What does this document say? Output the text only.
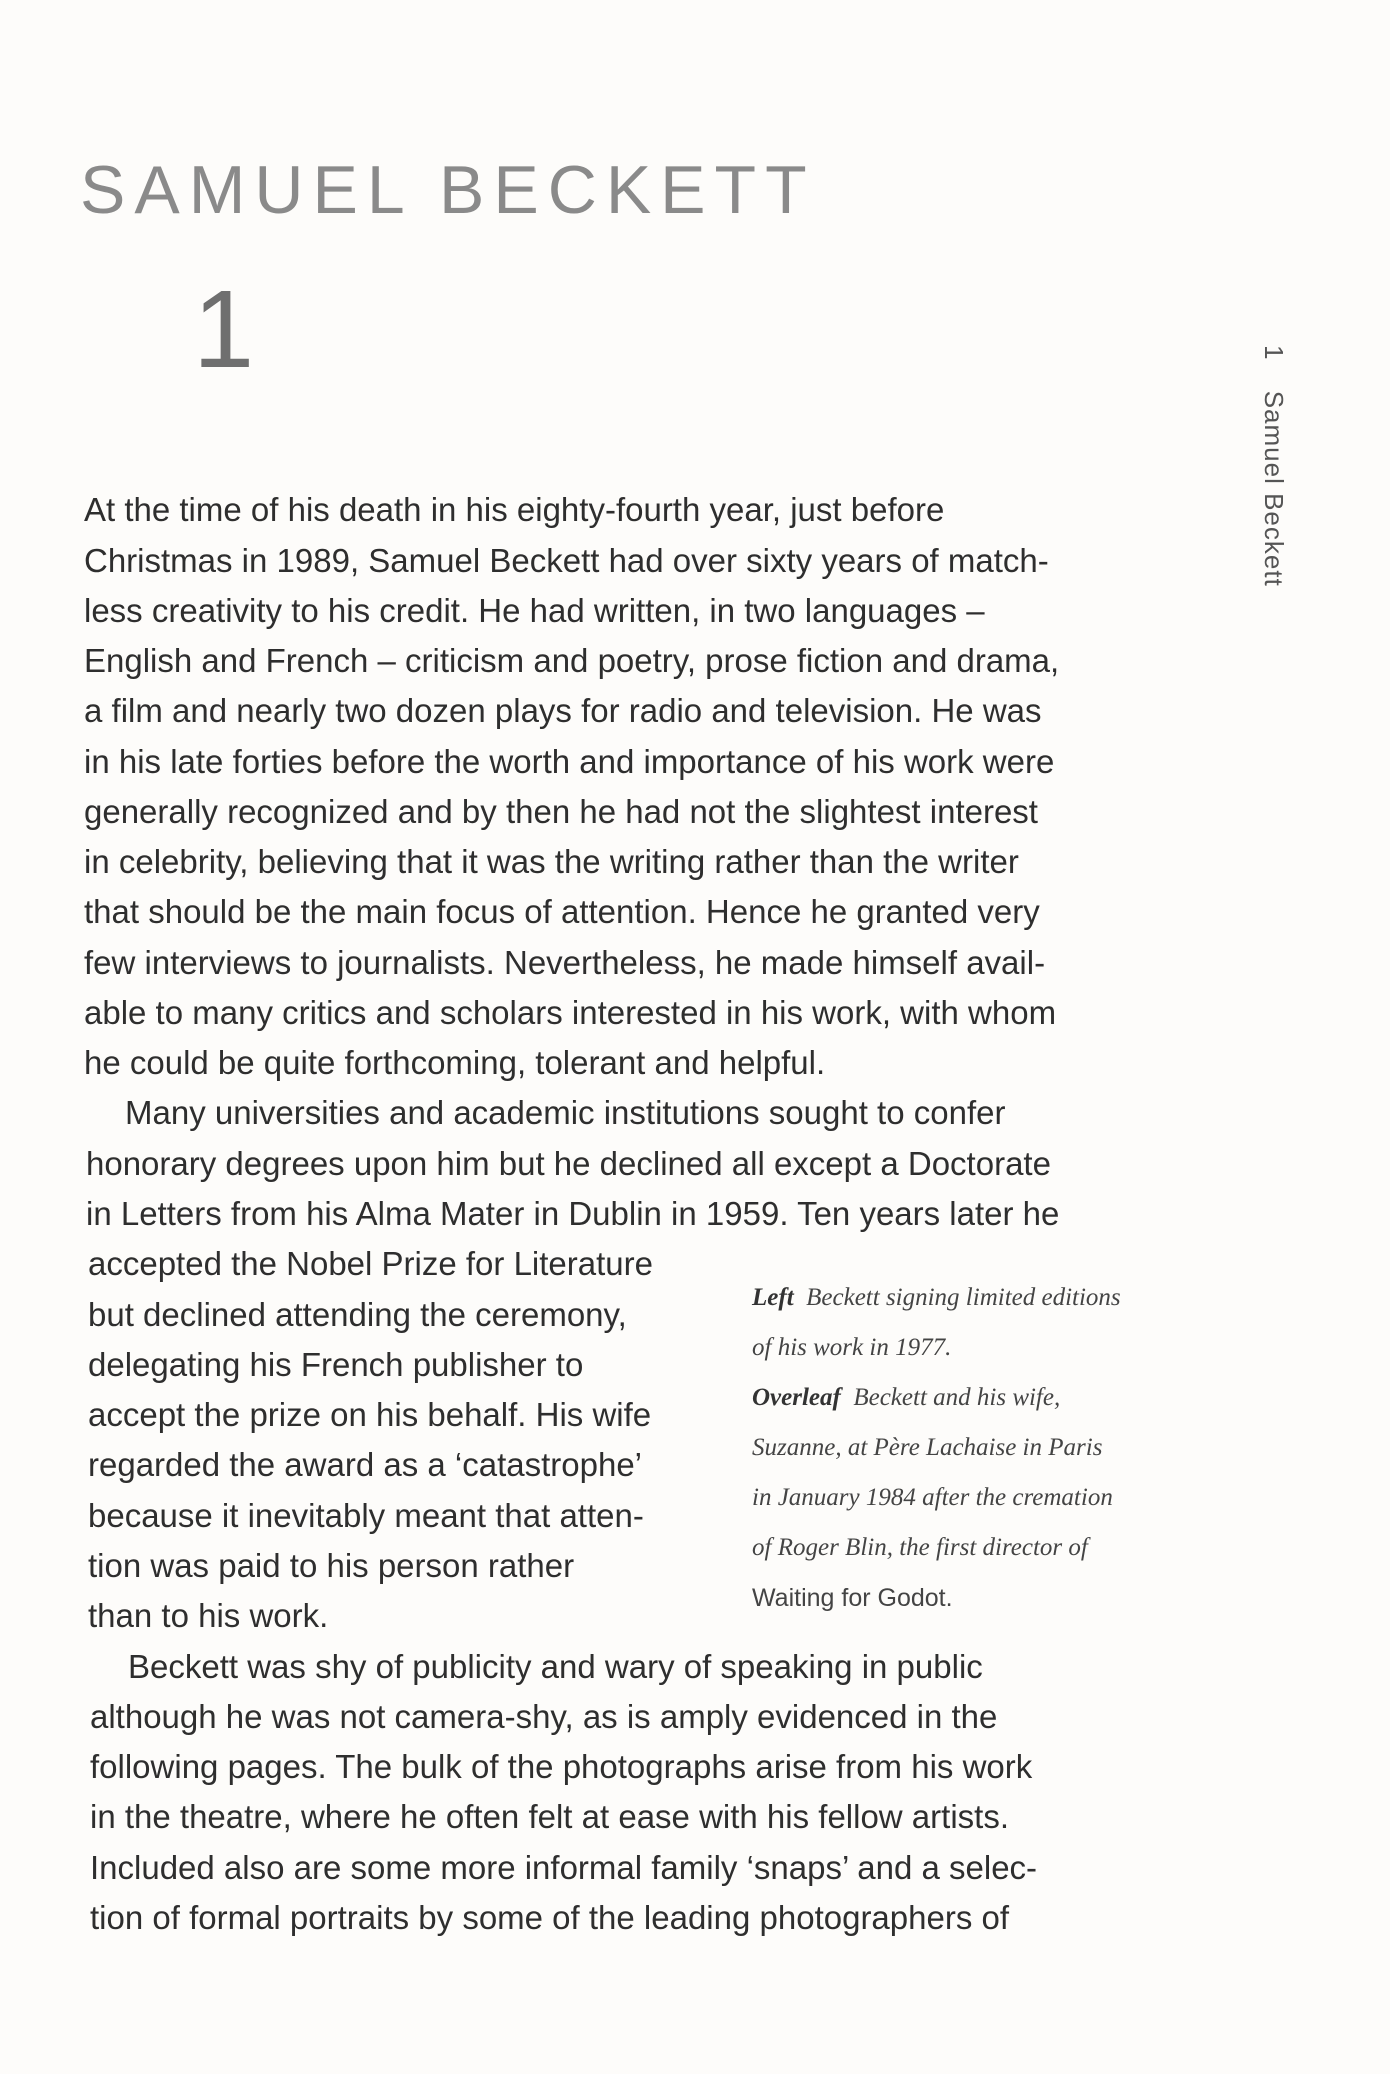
SAMUEL BECKETT
1	1 Samuel Beckett
At the time of his death in his eighty-fourth year, just before
Christmas in 1989, Samuel Beckett had over sixty years of match-
less creativity to his credit. He had written, in two languages –
English and French – criticism and poetry, prose fiction and drama,
a film and nearly two dozen plays for radio and television. He was
in his late forties before the worth and importance of his work were
generally recognized and by then he had not the slightest interest
in celebrity, believing that it was the writing rather than the writer
that should be the main focus of attention. Hence he granted very
few interviews to journalists. Nevertheless, he made himself avail-
able to many critics and scholars interested in his work, with whom
he could be quite forthcoming, tolerant and helpful.
Many universities and academic institutions sought to confer
honorary degrees upon him but he declined all except a Doctorate
in Letters from his Alma Mater in Dublin in 1959. Ten years later he
accepted the Nobel Prize for Literature
but declined attending the ceremony,
delegating his French publisher to
accept the prize on his behalf. His wife
regarded the award as a ‘catastrophe’
because it inevitably meant that atten-
tion was paid to his person rather
than to his work.
Beckett was shy of publicity and wary of speaking in public
although he was not camera-shy, as is amply evidenced in the
following pages. The bulk of the photographs arise from his work
in the theatre, where he often felt at ease with his fellow artists.
Included also are some more informal family ‘snaps’ and a selec-
tion of formal portraits by some of the leading photographers of
Left Beckett signing limited editions
of his work in 1977.
Overleaf Beckett and his wife,
Suzanne, at Père Lachaise in Paris
in January 1984 after the cremation
of Roger Blin, the first director of
Waiting for Godot.
